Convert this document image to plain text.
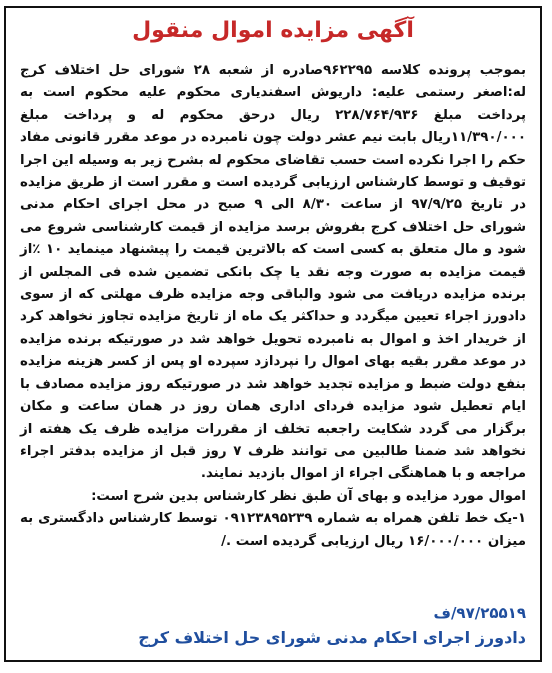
آگهی مزایده اموال منقول

بموجب پرونده کلاسه ۹۶۲۲۹۵صادره از شعبه ۲۸ شورای حل اختلاف کرج له:اصغر رستمی علیه: داریوش اسفندیاری محکوم علیه محکوم است به پرداخت مبلغ ۲۲۸/۷۶۴/۹۳۶ ریال درحق محکوم له و پرداخت مبلغ ۱۱/۳۹۰/۰۰۰ریال بابت نیم عشر دولت چون نامبرده در موعد مقرر قانونی مفاد حکم را اجرا نکرده است حسب تقاضای محکوم له بشرح زیر به وسیله این اجرا توقیف و توسط کارشناس ارزیابی گردیده است و مقرر است از طریق مزایده در تاریخ ۹۷/۹/۲۵ از ساعت ۸/۳۰ الی ۹ صبح در محل اجرای احکام مدنی شورای حل اختلاف کرج بفروش برسد مزایده از قیمت کارشناسی شروع می شود و مال متعلق به کسی است که بالاترین قیمت را پیشنهاد مینماید ۱۰ ٪از قیمت مزایده به صورت وجه نقد یا چک بانکی تضمین شده فی المجلس از برنده مزایده دریافت می شود والباقی وجه مزایده ظرف مهلتی که از سوی دادورز اجراء تعیین میگردد و حداکثر یک ماه از تاریخ مزایده تجاوز نخواهد کرد از خریدار اخذ و اموال به نامبرده تحویل خواهد شد در صورتیکه برنده مزایده در موعد مقرر بقیه بهای اموال را نپردازد سپرده او پس از کسر هزینه مزایده بنفع دولت ضبط و مزایده تجدید خواهد شد در صورتیکه روز مزایده مصادف با ایام تعطیل شود مزایده فردای اداری همان روز در همان ساعت و مکان برگزار می گردد شکایت راجعبه تخلف از مقررات مزایده ظرف یک هفته از نخواهد شد ضمنا طالبین می توانند ظرف ۷ روز قبل از مزایده بدفتر اجراء مراجعه و با هماهنگی اجراء از اموال بازدید نمایند.

اموال مورد مزایده و بهای آن طبق نظر کارشناس بدین شرح است:

۱-یک خط تلفن همراه به شماره ۰۹۱۲۳۸۹۵۲۳۹ توسط کارشناس دادگستری به میزان ۱۶/۰۰۰/۰۰۰ ریال ارزیابی گردیده است ./

۹۷/۲۵۵۱۹/ف
دادورز اجرای احکام مدنی شورای حل اختلاف کرج
